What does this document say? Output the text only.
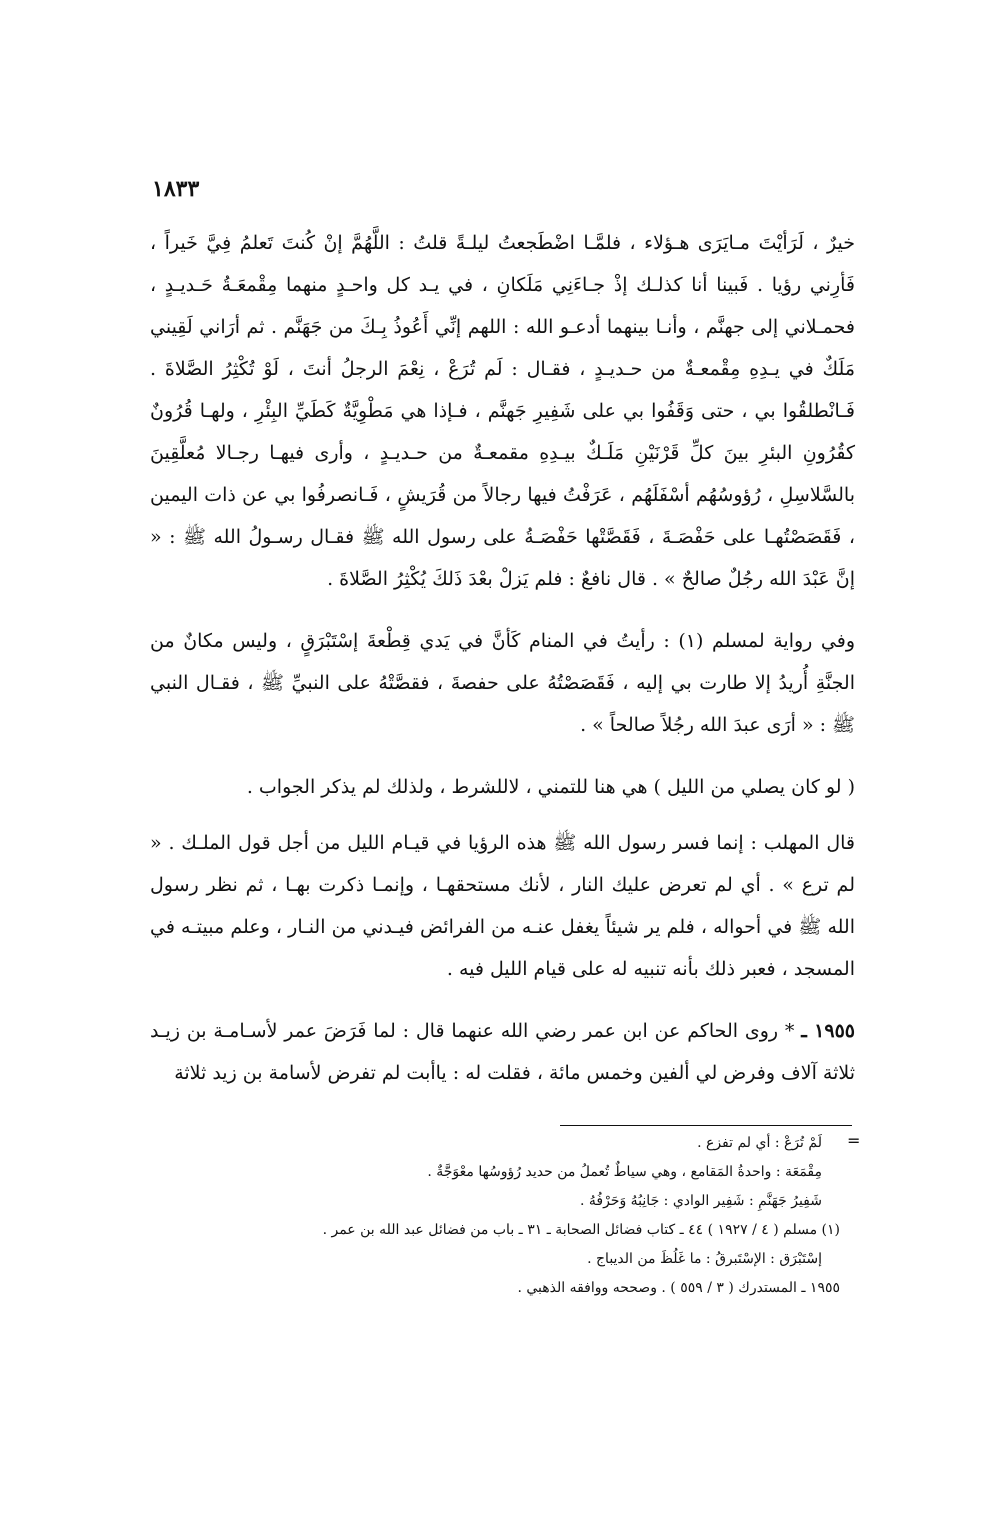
١٨٣٣

خيرٌ ، لَرَأيْتَ مـايَرَى هـؤلاء ، فلمَّـا اضْطَجعتُ ليلـةً قلتُ : اللَّهُمَّ إنْ كُنتَ تَعلمُ فِيَّ خَيراً ، فَأرِني رؤيا . فَبينا أنا كذلـك إذْ جـاءَنِي مَلَكانِ ، في يـد كل واحـدٍ منهما مِقْمعَـةُ حَـديـدٍ ، فحمـلاني إلى جهنَّم ، وأنـا بينهما أدعـو الله : اللهم إنِّي أَعُوذُ بِـكَ من جَهَنَّم . ثم أرَاني لَقِيني مَلَكٌ في يـدِهِ مِقْمعـةٌ من حـديـدٍ ، فقـال : لَم تُرَعْ ، نِعْمَ الرجلُ أنتَ ، لَوْ تُكْثِرُ الصَّلاةَ . فَـانْطلقُوا بي ، حتى وَقَفُوا بي على شَفِيرِ جَهنَّم ، فـإذا هي مَطْوِيَّةٌ كَطَيِّ البِئْرِ ، ولهـا قُرُونٌ كقُرُونِ البئرِ بينَ كلِّ قَرْنَيْنِ مَلَـكٌ بيـدِهِ مقمعـةٌ من حـديـدٍ ، وأرى فيهـا رجـالا مُعلَّقِينَ بالسَّلاسِلِ ، رُؤوسُهُم أسْفَلَهُم ، عَرَفْتُ فيها رجالاً من قُرَيشٍ ، فَـانصرفُوا بي عن ذات اليمين ، فَقَصَصْتُهـا على حَفْصَـةَ ، فَقَصَّتْها حَفْصَـةُ على رسول الله ﷺ فقـال رسـولُ الله ﷺ : « إنَّ عَبْدَ الله رجُلٌ صالحٌ » . قال نافعٌ : فلم يَزلْ بعْدَ ذَلكَ يُكْثِرُ الصَّلاةَ .

وفي رواية لمسلم (١) : رأيتُ في المنام كَأنَّ في يَدي قِطْعةَ إسْتَبْرَقٍ ، وليس مكانٌ من الجنَّةِ أُريدُ إلا طارت بي إليه ، فَقَصَصْتُهُ على حفصةَ ، فقصَّتْهُ على النبيِّ ﷺ ، فقـال النبي ﷺ : « أرَى عبدَ الله رجُلاً صالحاً » .

( لو كان يصلي من الليل ) هي هنا للتمني ، لاللشرط ، ولذلك لم يذكر الجواب .

قال المهلب : إنما فسر رسول الله ﷺ هذه الرؤيا في قيـام الليل من أجل قول الملـك . « لم ترع » . أي لم تعرض عليك النار ، لأنك مستحقهـا ، وإنمـا ذكرت بهـا ، ثم نظر رسول الله ﷺ في أحواله ، فلم ير شيئاً يغفل عنـه من الفرائض فيـدني من النـار ، وعلم مبيتـه في المسجد ، فعبر ذلك بأنه تنبيه له على قيام الليل فيه .

١٩٥٥ ـ * روى الحاكم عن ابن عمر رضي الله عنهما قال : لما فَرَضَ عمر لأسـامـة بن زيـد ثلاثة آلاف وفرض لي ألفين وخمس مائة ، فقلت له : ياأبت لم تفرض لأسامة بن زيد ثلاثة

=

لَمْ تُرَعْ : أي لم تفزع .

مِقْمَعَة : واحدةُ المَقامع ، وهي سياطٌ تُعملُ من حديد رُؤوسُها معْوَجَّةٌ .

شَفِيرُ جَهَنَّمِ : شَفِير الوادي : جَانِبُهُ وَحَرْفُهُ .

(١) مسلم ( ٤ / ١٩٢٧ ) ٤٤ ـ كتاب فضائل الصحابة ـ ٣١ ـ باب من فضائل عبد الله بن عمر .

إسْتَبْرَق : الإسْتَبرقُ : ما غَلُظَ من الديباج .

١٩٥٥ ـ المستدرك ( ٣ / ٥٥٩ ) . وصححه ووافقه الذهبي .
